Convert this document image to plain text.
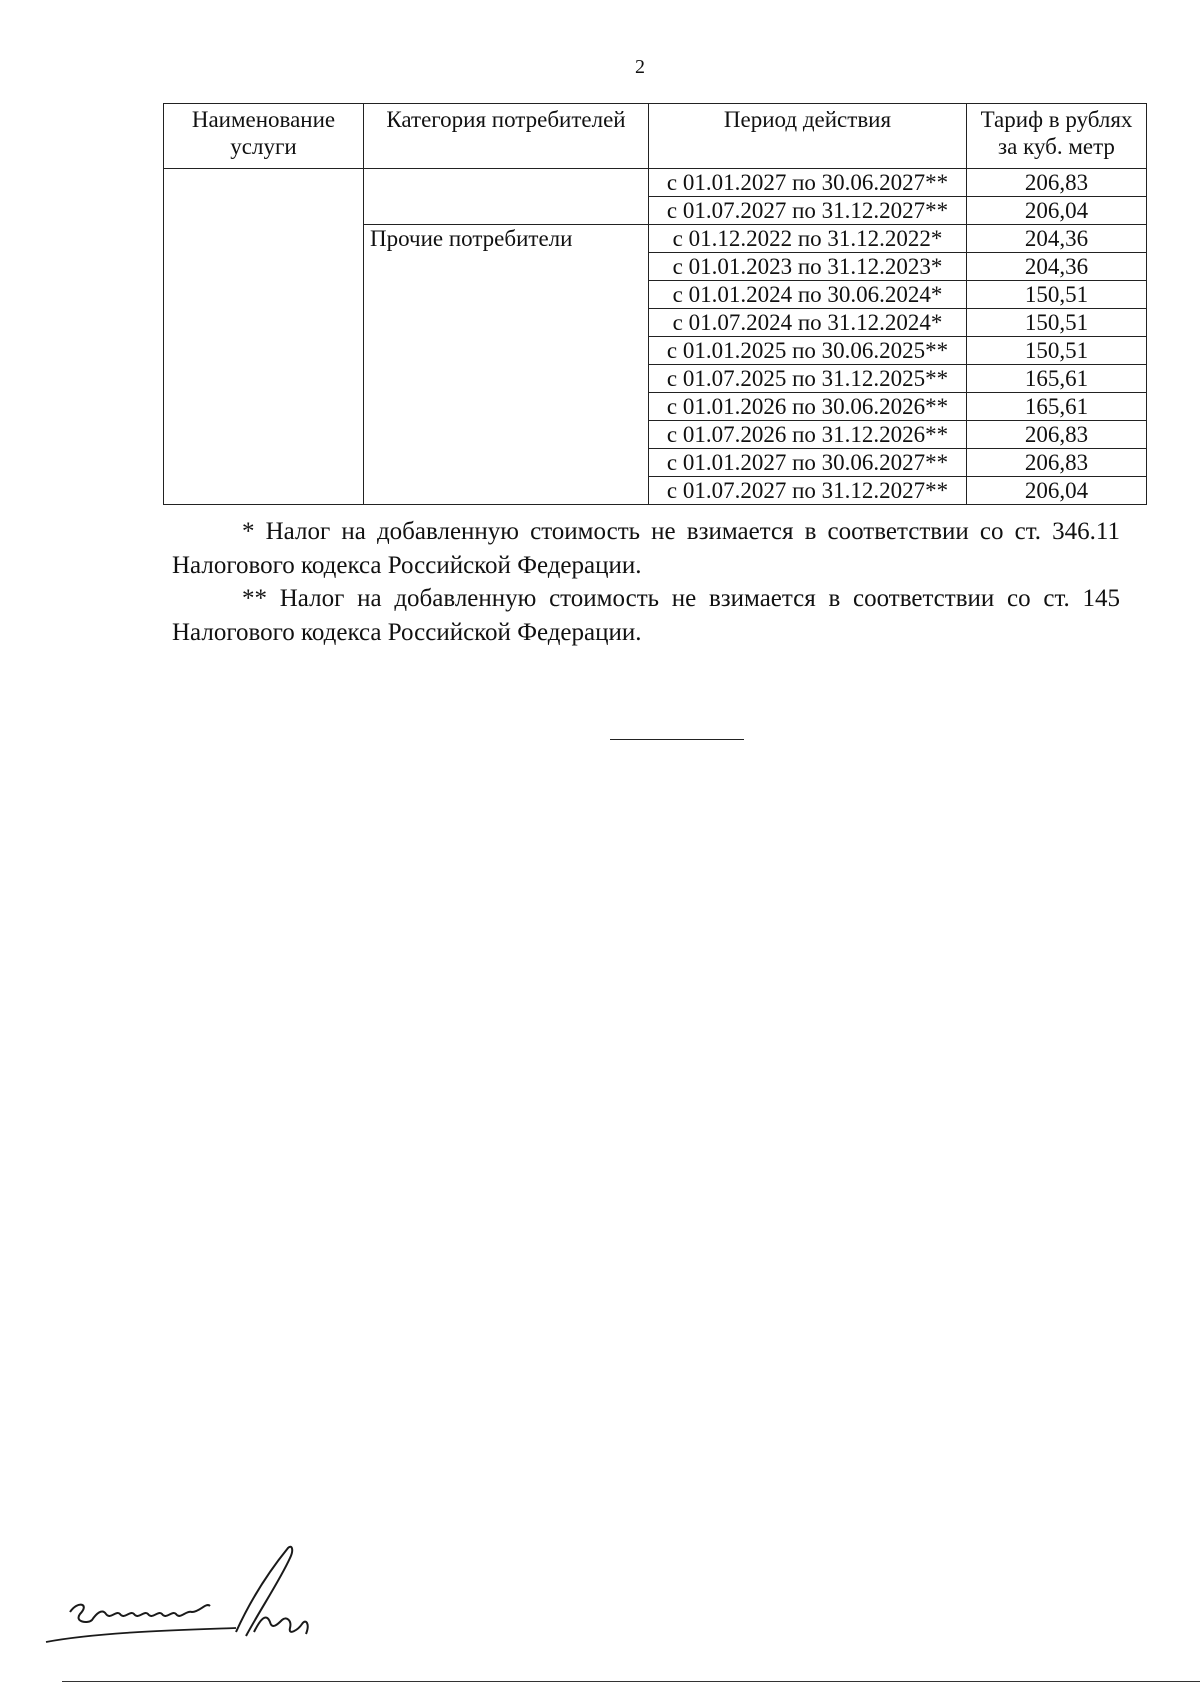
2
Наименование услуги	Категория потребителей	Период действия	Тариф в рублях за куб. метр
		с 01.01.2027 по 30.06.2027**	206,83
		с 01.07.2027 по 31.12.2027**	206,04
	Прочие потребители	с 01.12.2022 по 31.12.2022*	204,36
		с 01.01.2023 по 31.12.2023*	204,36
		с 01.01.2024 по 30.06.2024*	150,51
		с 01.07.2024 по 31.12.2024*	150,51
		с 01.01.2025 по 30.06.2025**	150,51
		с 01.07.2025 по 31.12.2025**	165,61
		с 01.01.2026 по 30.06.2026**	165,61
		с 01.07.2026 по 31.12.2026**	206,83
		с 01.01.2027 по 30.06.2027**	206,83
		с 01.07.2027 по 31.12.2027**	206,04
* Налог на добавленную стоимость не взимается в соответствии со ст. 346.11 Налогового кодекса Российской Федерации.
** Налог на добавленную стоимость не взимается в соответствии со ст. 145 Налогового кодекса Российской Федерации.
